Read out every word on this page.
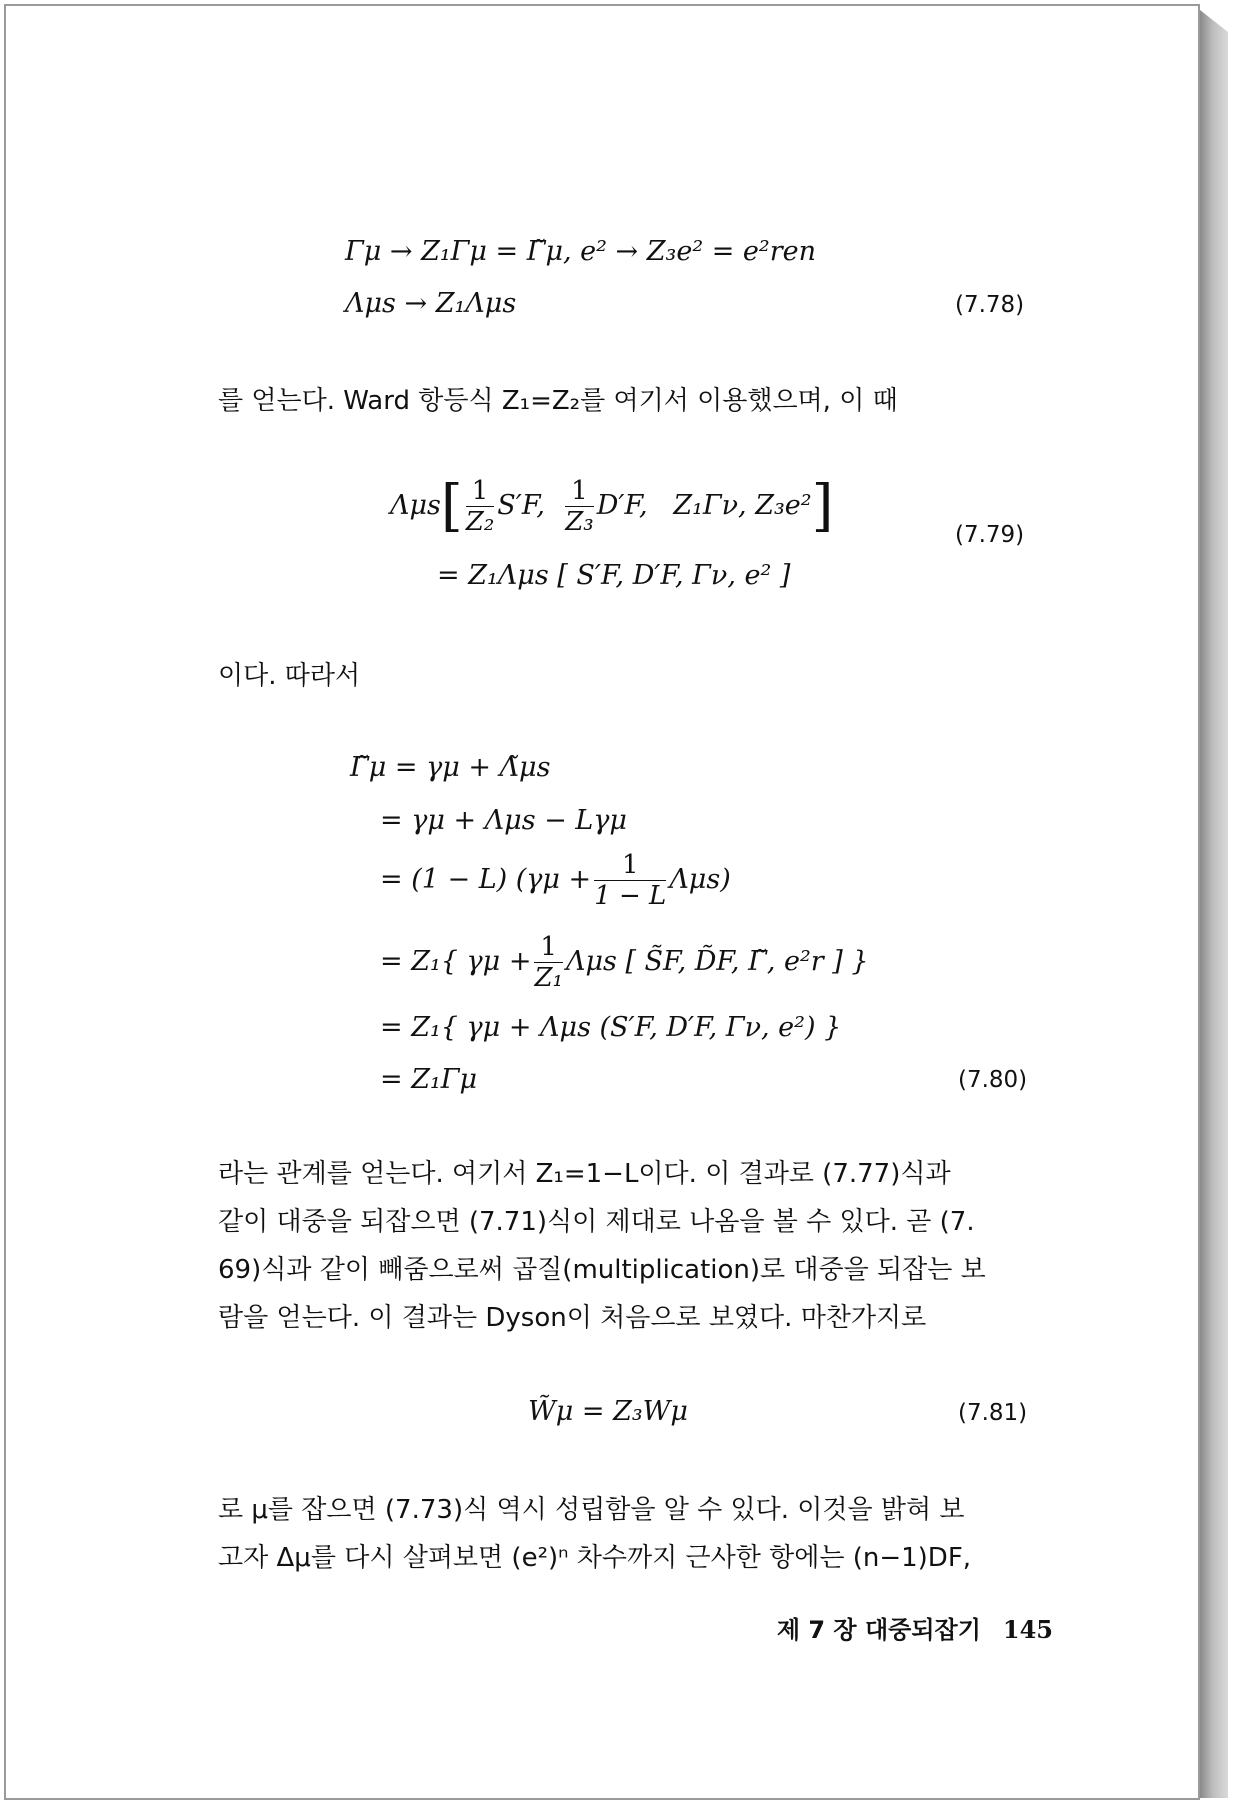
Γμ → Z₁Γμ = Γ̃μ, e² → Z₃e² = e²ren
Λμs → Z₁Λμs	(7.78)
를 얻는다. Ward 항등식 Z₁=Z₂를 여기서 이용했으며, 이 때
$\Lambda\mu s[ \frac{1}{\text{Z₂}} S'F$, $\frac{1}{\text{Z₃}} D'F$, Z₁Γν, Z₃e²]
= Z₁Λμs [ S′F, D′F, Γν, e² ]
(7.79)
이다. 따라서
Γ̃μ = γμ + Λ̃μs
= γμ + Λμs − Lγμ
= (1 − L) $(\gamma\mu + \frac{1}{1 - L} \Lambda\mu s)$
= Z₁{ $\gamma\mu + \frac{1}{\text{Z₁}}$ Λμs [ S̃F, D̃F, Γ̃, e²r ] }
= Z₁{ γμ + Λμs (S′F, D′F, Γν, e²) }
= Z₁Γμ	(7.80)
라는 관계를 얻는다. 여기서 Z₁=1−L이다. 이 결과로 (7.77)식과
같이 대중을 되잡으면 (7.71)식이 제대로 나옴을 볼 수 있다. 곧 (7.
69)식과 같이 빼줌으로써 곱질(multiplication)로 대중을 되잡는 보
람을 얻는다. 이 결과는 Dyson이 처음으로 보였다. 마찬가지로
W̃μ = Z₃Wμ	(7.81)
로 μ를 잡으면 (7.73)식 역시 성립함을 알 수 있다. 이것을 밝혀 보
고자 Δμ를 다시 살펴보면 (e²)ⁿ 차수까지 근사한 항에는 (n−1)DF,
제 7 장 대중되잡기 145
